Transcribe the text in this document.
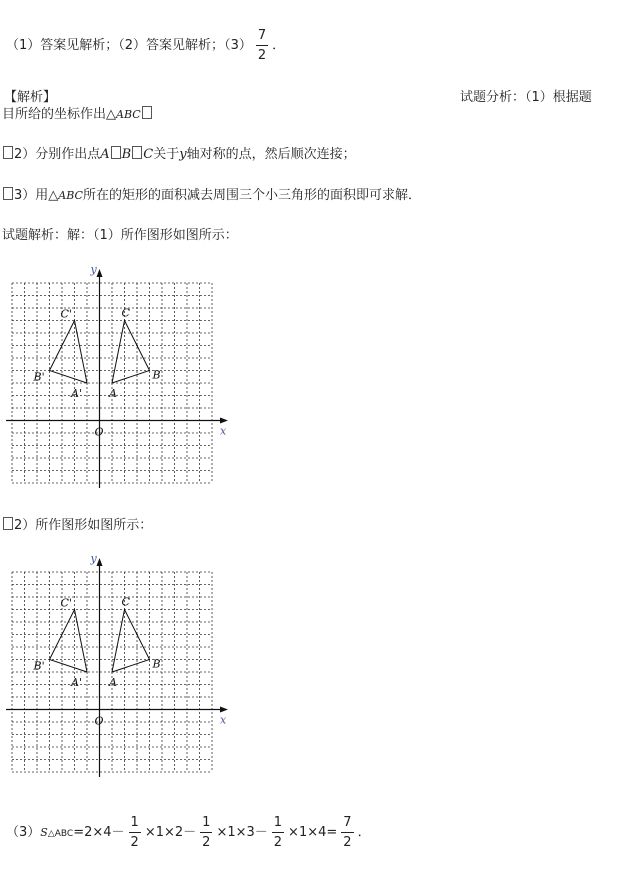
（1）答案见解析；（2）答案见解析；$(3) \frac{7}{2}$ ．
【解析】	试题分析：（1）根据题
目所给的坐标作出△ABC
2）分别作出点A B C关于y轴对称的点，然后顺次连接；
3）用△ABC所在的矩形的面积减去周围三个小三角形的面积即可求解．
试题解析：解：（1）所作图形如图所示：
x
y
O
A
B
C
A'
B'
C'
2）所作图形如图所示：
x
y
O
A
B
C
A'
B'
C'
（3）S△ABC=2×4－ $\frac{1}{2} \times 1\times 2- \frac{1}{2} \times 1\times 3- \frac{1}{2} \times 1\times 4= \frac{7}{2}$ ．
